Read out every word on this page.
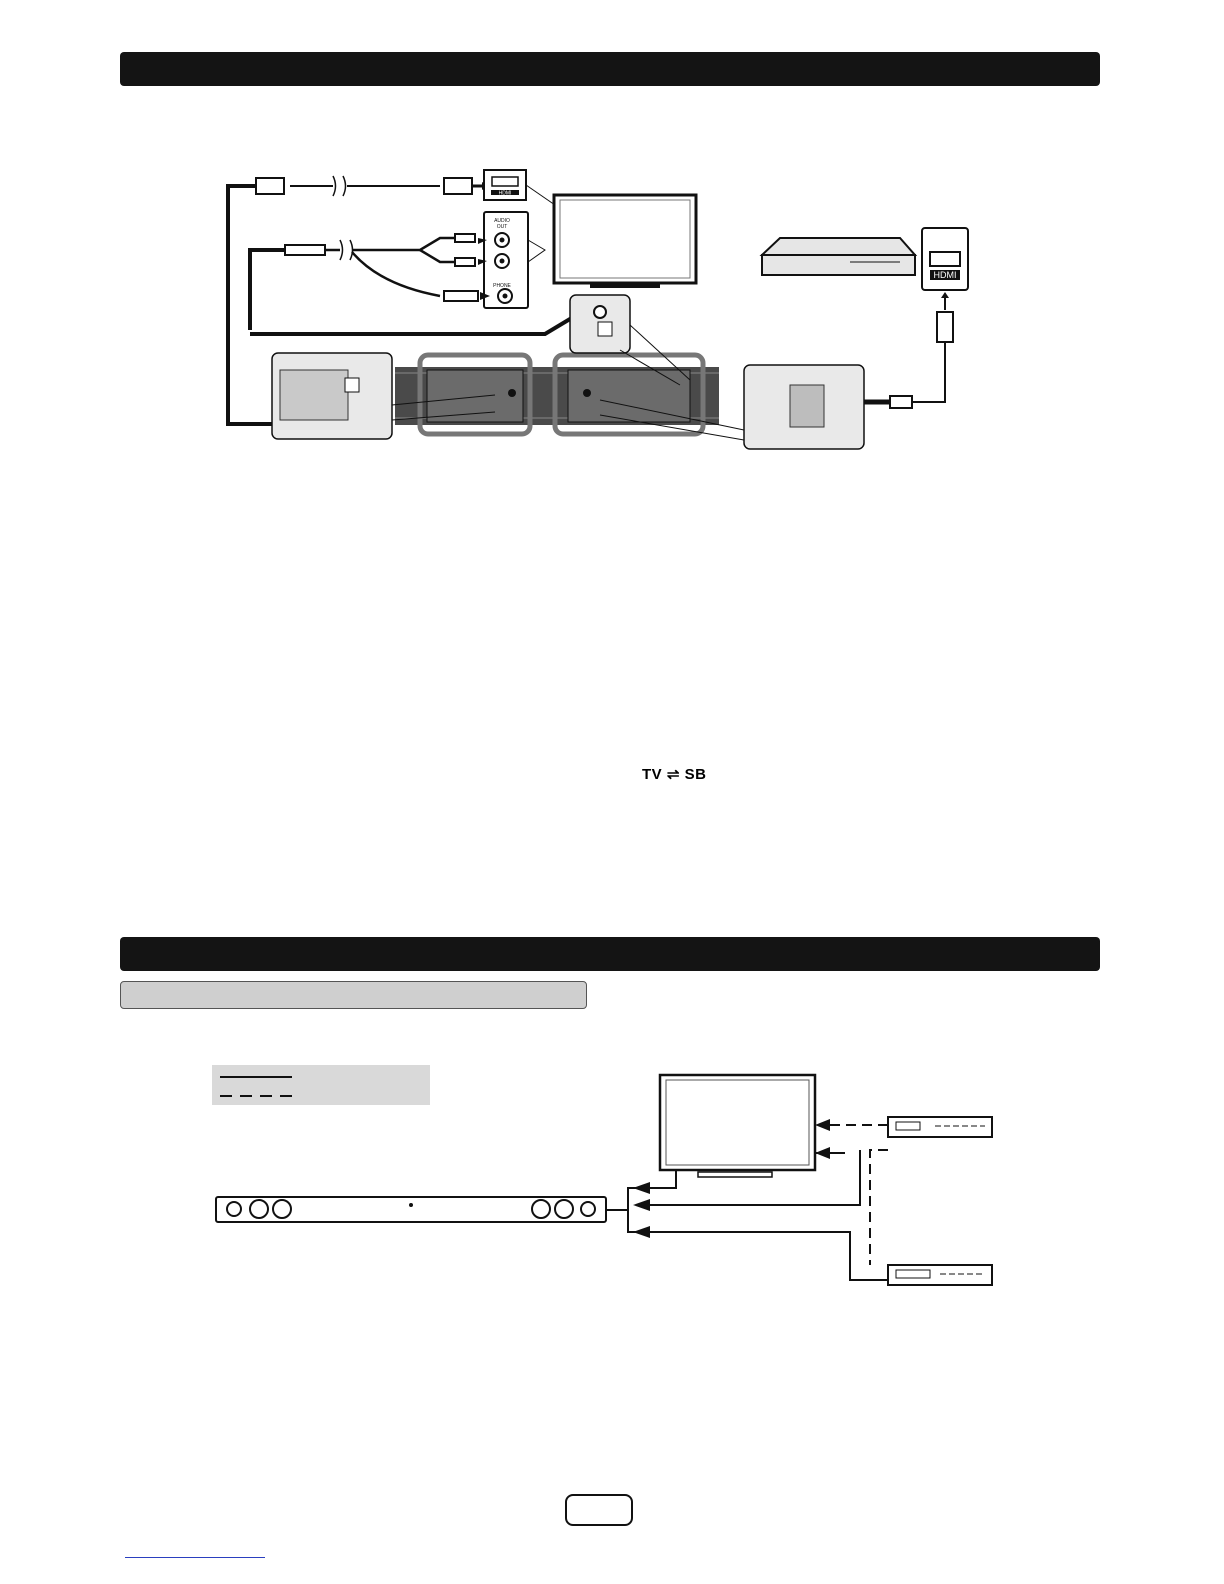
HDMI
AUDIO
OUT
PHONE
HDMI
TV ⇌ SB
